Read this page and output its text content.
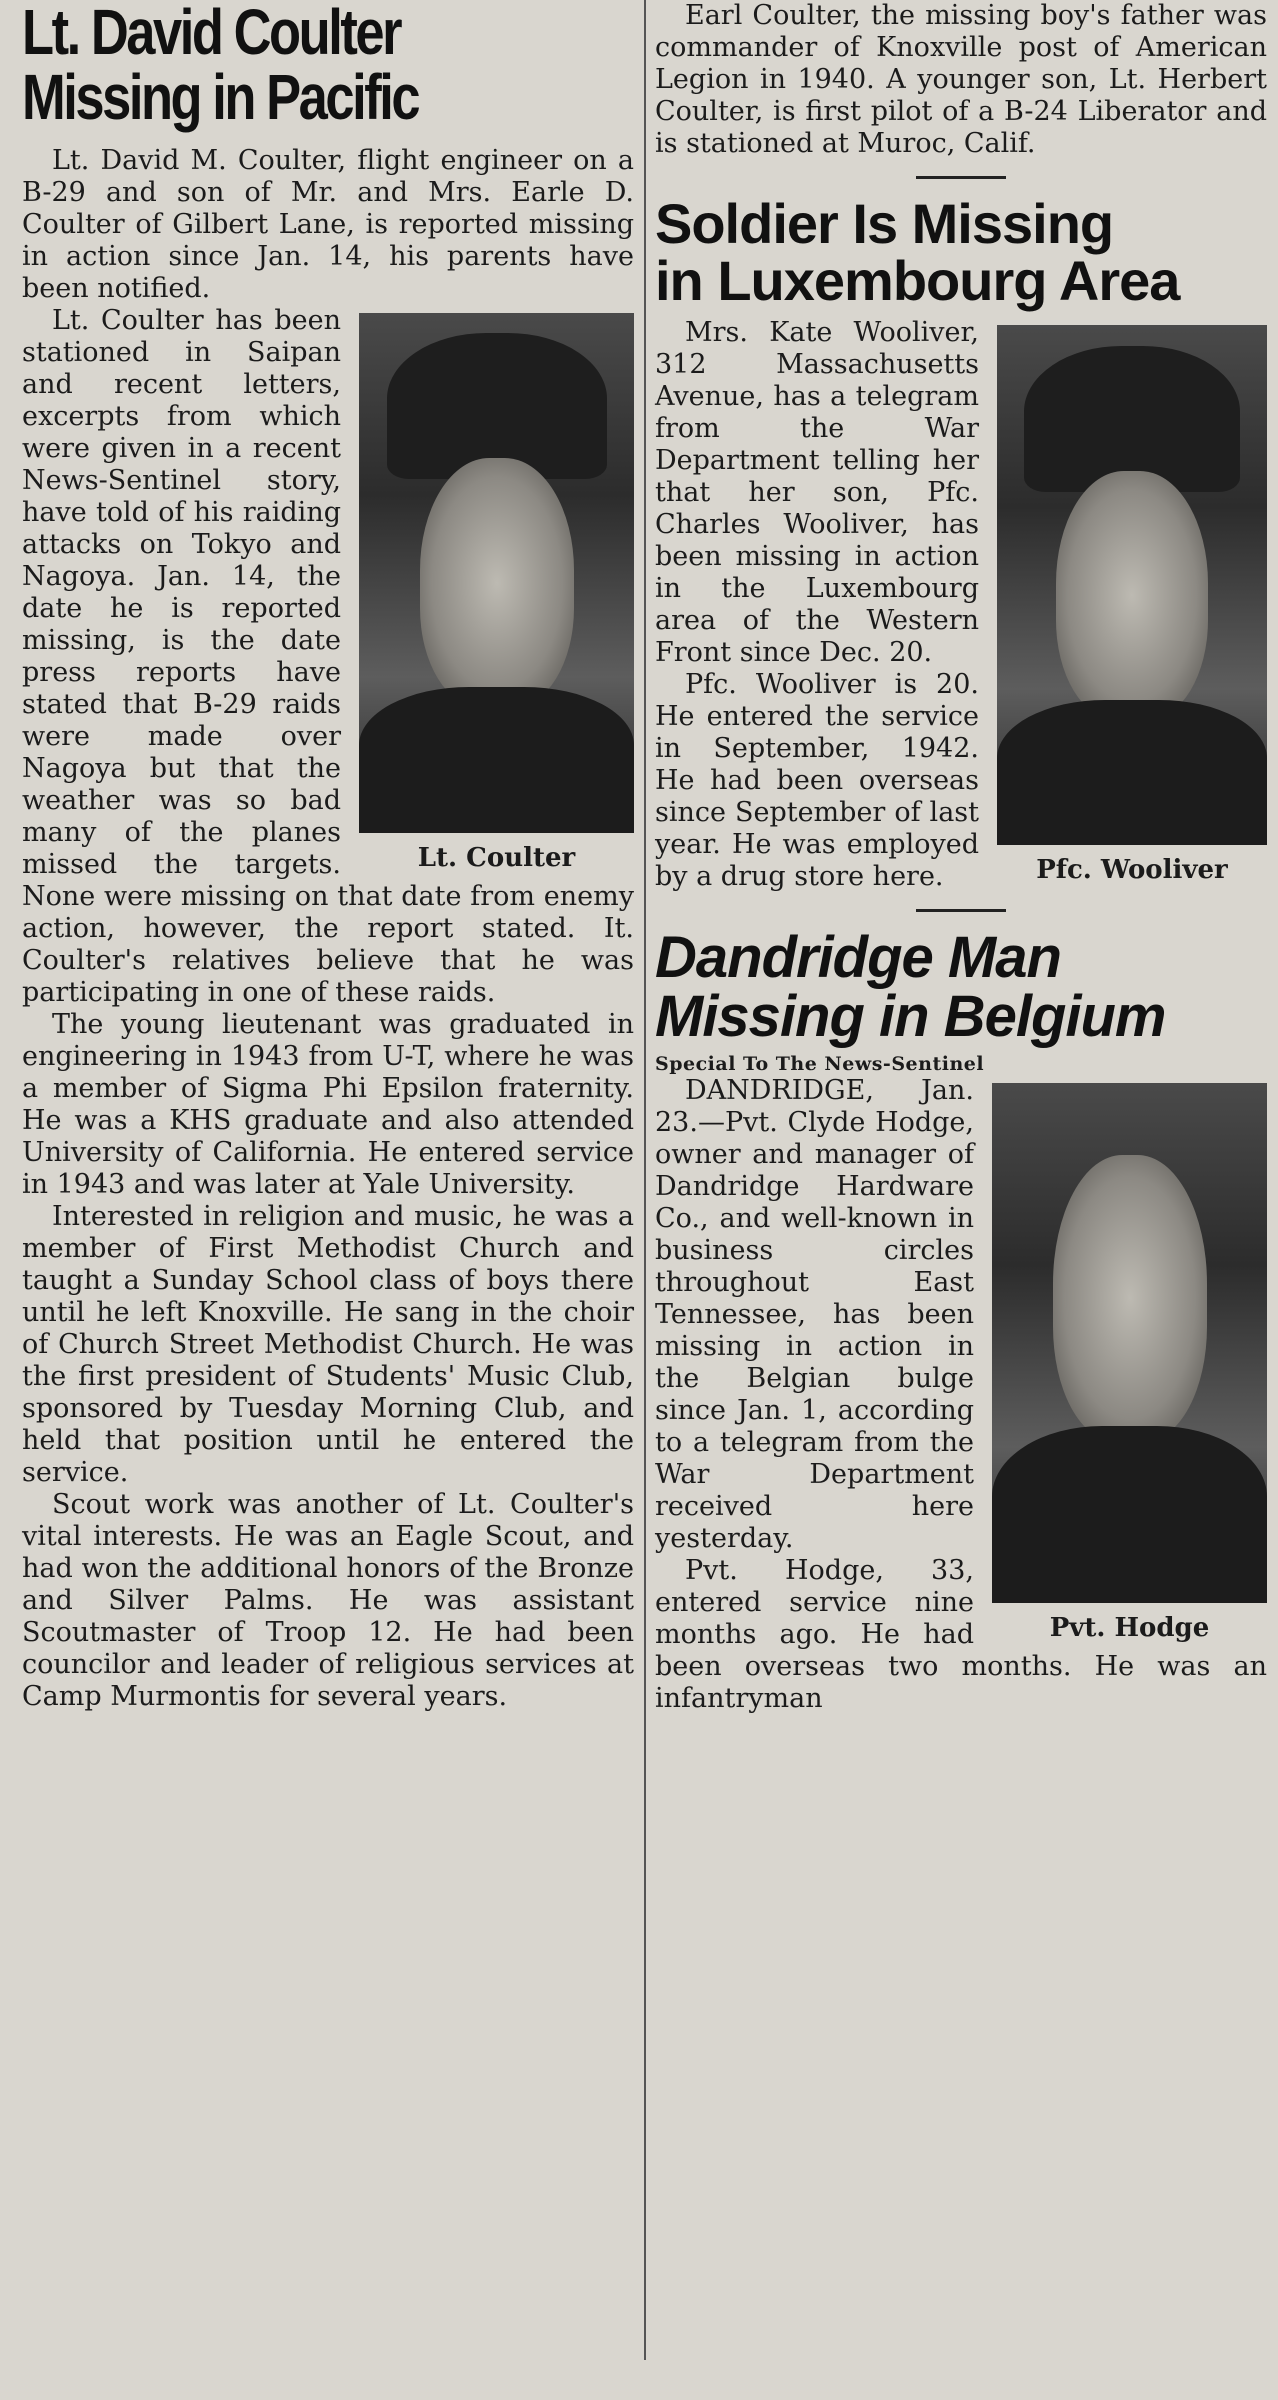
Lt. David Coulter
Missing in Pacific

Lt. David M. Coulter, flight engineer on a B-29 and son of Mr. and Mrs. Earle D. Coulter of Gilbert Lane, is reported missing in action since Jan. 14, his parents have been notified.

Lt. Coulter

Lt. Coulter has been stationed in Saipan and recent letters, excerpts from which were given in a recent News-Sentinel story, have told of his raiding attacks on Tokyo and Nagoya. Jan. 14, the date he is reported missing, is the date press reports have stated that B-29 raids were made over Nagoya but that the weather was so bad many of the planes missed the targets. None were missing on that date from enemy action, however, the report stated. It. Coulter's relatives believe that he was participating in one of these raids.

The young lieutenant was graduated in engineering in 1943 from U-T, where he was a member of Sigma Phi Epsilon fraternity. He was a KHS graduate and also attended University of California. He entered service in 1943 and was later at Yale University.

Interested in religion and music, he was a member of First Methodist Church and taught a Sunday School class of boys there until he left Knoxville. He sang in the choir of Church Street Methodist Church. He was the first president of Students' Music Club, sponsored by Tuesday Morning Club, and held that position until he entered the service.

Scout work was another of Lt. Coulter's vital interests. He was an Eagle Scout, and had won the additional honors of the Bronze and Silver Palms. He was assistant Scoutmaster of Troop 12. He had been councilor and leader of religious services at Camp Murmontis for several years.

Earl Coulter, the missing boy's father was commander of Knoxville post of American Legion in 1940. A younger son, Lt. Herbert Coulter, is first pilot of a B-24 Liberator and is stationed at Muroc, Calif.

Soldier Is Missing
in Luxembourg Area
Pfc. Wooliver

Mrs. Kate Wooliver, 312 Massachusetts Avenue, has a telegram from the War Department telling her that her son, Pfc. Charles Wooliver, has been missing in action in the Luxembourg area of the Western Front since Dec. 20.

Pfc. Wooliver is 20. He entered the service in September, 1942. He had been overseas since September of last year. He was employed by a drug store here.

Dandridge Man
Missing in Belgium
Special To The News-Sentinel
Pvt. Hodge

DANDRIDGE, Jan. 23.—Pvt. Clyde Hodge, owner and manager of Dandridge Hardware Co., and well-known in business circles throughout East Tennessee, has been missing in action in the Belgian bulge since Jan. 1, according to a telegram from the War Department received here yesterday.

Pvt. Hodge, 33, entered service nine months ago. He had been overseas two months. He was an infantryman
